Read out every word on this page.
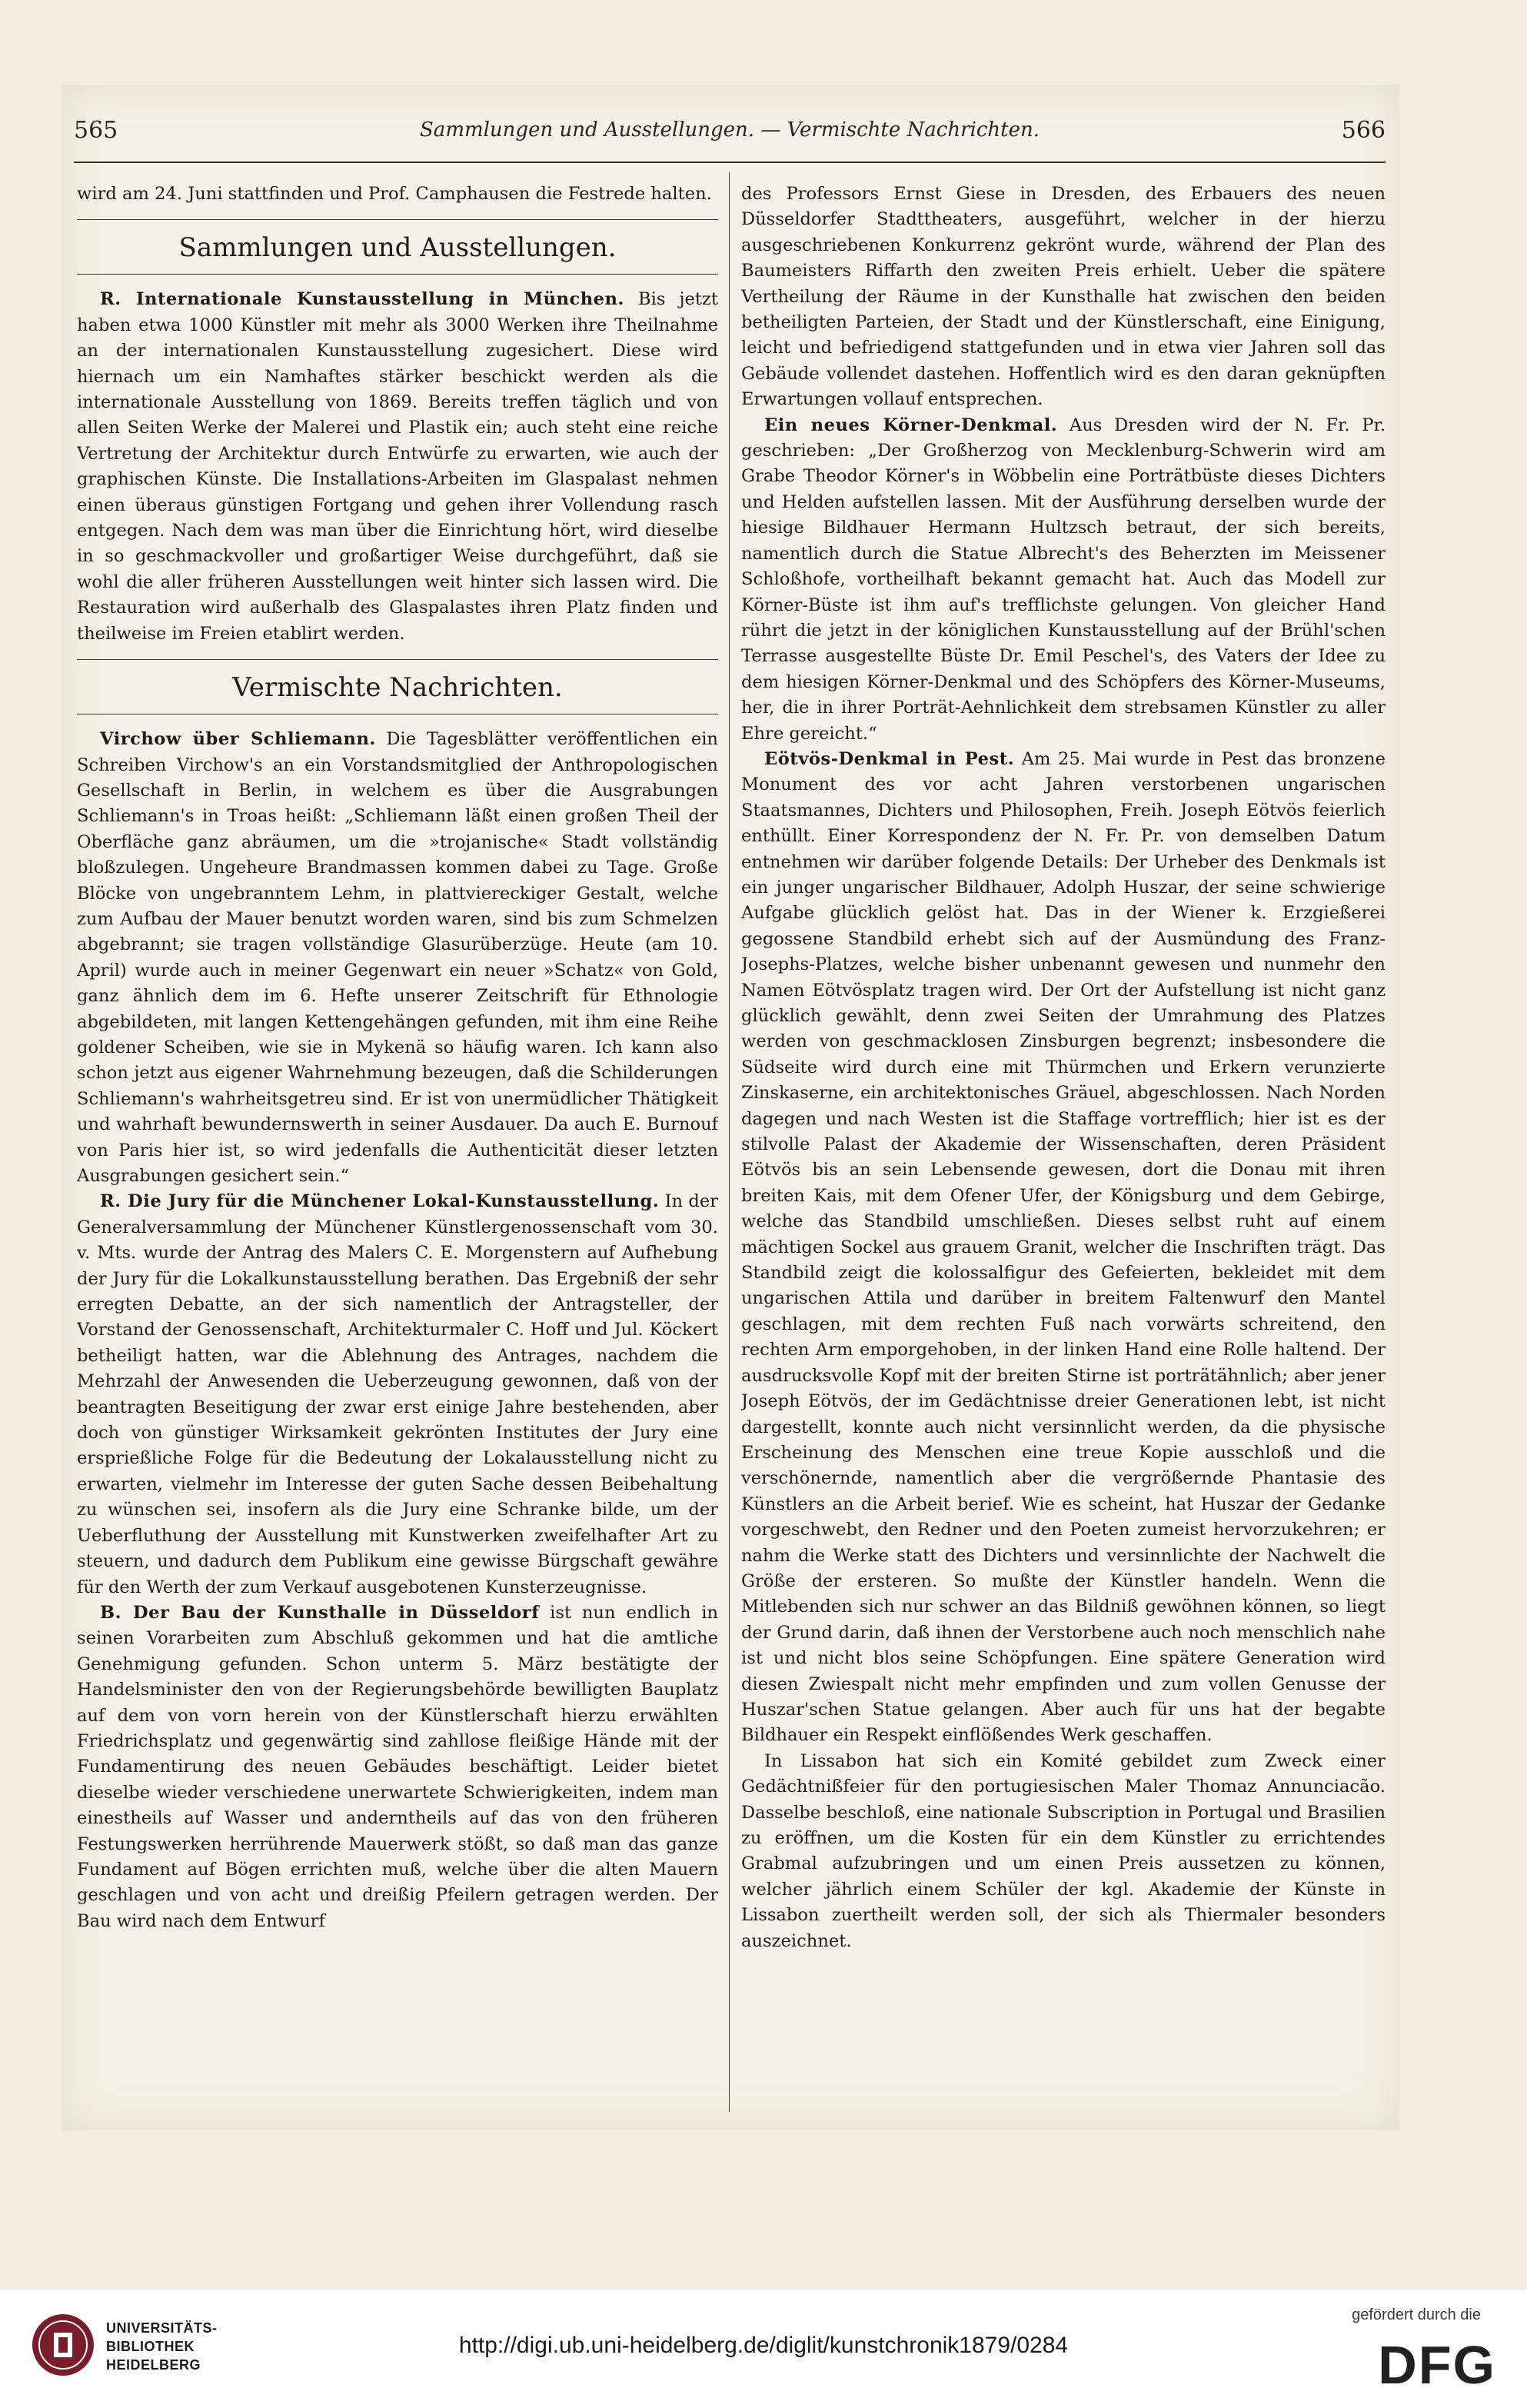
565	Sammlungen und Ausstellungen. — Vermischte Nachrichten.	566

wird am 24. Juni stattfinden und Prof. Camphausen die Festrede halten.

Sammlungen und Ausstellungen.

R. Internationale Kunstausstellung in München. Bis jetzt haben etwa 1000 Künstler mit mehr als 3000 Werken ihre Theilnahme an der internationalen Kunstausstellung zugesichert. Diese wird hiernach um ein Namhaftes stärker beschickt werden als die internationale Ausstellung von 1869. Bereits treffen täglich und von allen Seiten Werke der Malerei und Plastik ein; auch steht eine reiche Vertretung der Architektur durch Entwürfe zu erwarten, wie auch der graphischen Künste. Die Installations-Arbeiten im Glaspalast nehmen einen überaus günstigen Fortgang und gehen ihrer Vollendung rasch entgegen. Nach dem was man über die Einrichtung hört, wird dieselbe in so geschmackvoller und großartiger Weise durchgeführt, daß sie wohl die aller früheren Ausstellungen weit hinter sich lassen wird. Die Restauration wird außerhalb des Glaspalastes ihren Platz finden und theilweise im Freien etablirt werden.

Vermischte Nachrichten.

Virchow über Schliemann. Die Tagesblätter veröffentlichen ein Schreiben Virchow's an ein Vorstandsmitglied der Anthropologischen Gesellschaft in Berlin, in welchem es über die Ausgrabungen Schliemann's in Troas heißt: „Schliemann läßt einen großen Theil der Oberfläche ganz abräumen, um die »trojanische« Stadt vollständig bloßzulegen. Ungeheure Brandmassen kommen dabei zu Tage. Große Blöcke von ungebranntem Lehm, in plattviereckiger Gestalt, welche zum Aufbau der Mauer benutzt worden waren, sind bis zum Schmelzen abgebrannt; sie tragen vollständige Glasurüberzüge. Heute (am 10. April) wurde auch in meiner Gegenwart ein neuer »Schatz« von Gold, ganz ähnlich dem im 6. Hefte unserer Zeitschrift für Ethnologie abgebildeten, mit langen Kettengehängen gefunden, mit ihm eine Reihe goldener Scheiben, wie sie in Mykenä so häufig waren. Ich kann also schon jetzt aus eigener Wahrnehmung bezeugen, daß die Schilderungen Schliemann's wahrheitsgetreu sind. Er ist von unermüdlicher Thätigkeit und wahrhaft bewundernswerth in seiner Ausdauer. Da auch E. Burnouf von Paris hier ist, so wird jedenfalls die Authenticität dieser letzten Ausgrabungen gesichert sein.“

R. Die Jury für die Münchener Lokal-Kunstausstellung. In der Generalversammlung der Münchener Künstlergenossenschaft vom 30. v. Mts. wurde der Antrag des Malers C. E. Morgenstern auf Aufhebung der Jury für die Lokalkunstausstellung berathen. Das Ergebniß der sehr erregten Debatte, an der sich namentlich der Antragsteller, der Vorstand der Genossenschaft, Architekturmaler C. Hoff und Jul. Köckert betheiligt hatten, war die Ablehnung des Antrages, nachdem die Mehrzahl der Anwesenden die Ueberzeugung gewonnen, daß von der beantragten Beseitigung der zwar erst einige Jahre bestehenden, aber doch von günstiger Wirksamkeit gekrönten Institutes der Jury eine ersprießliche Folge für die Bedeutung der Lokalausstellung nicht zu erwarten, vielmehr im Interesse der guten Sache dessen Beibehaltung zu wünschen sei, insofern als die Jury eine Schranke bilde, um der Ueberfluthung der Ausstellung mit Kunstwerken zweifelhafter Art zu steuern, und dadurch dem Publikum eine gewisse Bürgschaft gewähre für den Werth der zum Verkauf ausgebotenen Kunsterzeugnisse.

B. Der Bau der Kunsthalle in Düsseldorf ist nun endlich in seinen Vorarbeiten zum Abschluß gekommen und hat die amtliche Genehmigung gefunden. Schon unterm 5. März bestätigte der Handelsminister den von der Regierungsbehörde bewilligten Bauplatz auf dem von vorn herein von der Künstlerschaft hierzu erwählten Friedrichsplatz und gegenwärtig sind zahllose fleißige Hände mit der Fundamentirung des neuen Gebäudes beschäftigt. Leider bietet dieselbe wieder verschiedene unerwartete Schwierigkeiten, indem man einestheils auf Wasser und anderntheils auf das von den früheren Festungswerken herrührende Mauerwerk stößt, so daß man das ganze Fundament auf Bögen errichten muß, welche über die alten Mauern geschlagen und von acht und dreißig Pfeilern getragen werden. Der Bau wird nach dem Entwurf

des Professors Ernst Giese in Dresden, des Erbauers des neuen Düsseldorfer Stadttheaters, ausgeführt, welcher in der hierzu ausgeschriebenen Konkurrenz gekrönt wurde, während der Plan des Baumeisters Riffarth den zweiten Preis erhielt. Ueber die spätere Vertheilung der Räume in der Kunsthalle hat zwischen den beiden betheiligten Parteien, der Stadt und der Künstlerschaft, eine Einigung, leicht und befriedigend stattgefunden und in etwa vier Jahren soll das Gebäude vollendet dastehen. Hoffentlich wird es den daran geknüpften Erwartungen vollauf entsprechen.

Ein neues Körner-Denkmal. Aus Dresden wird der N. Fr. Pr. geschrieben: „Der Großherzog von Mecklenburg-Schwerin wird am Grabe Theodor Körner's in Wöbbelin eine Porträtbüste dieses Dichters und Helden aufstellen lassen. Mit der Ausführung derselben wurde der hiesige Bildhauer Hermann Hultzsch betraut, der sich bereits, namentlich durch die Statue Albrecht's des Beherzten im Meissener Schloßhofe, vortheilhaft bekannt gemacht hat. Auch das Modell zur Körner-Büste ist ihm auf's trefflichste gelungen. Von gleicher Hand rührt die jetzt in der königlichen Kunstausstellung auf der Brühl'schen Terrasse ausgestellte Büste Dr. Emil Peschel's, des Vaters der Idee zu dem hiesigen Körner-Denkmal und des Schöpfers des Körner-Museums, her, die in ihrer Porträt-Aehnlichkeit dem strebsamen Künstler zu aller Ehre gereicht.“

Eötvös-Denkmal in Pest. Am 25. Mai wurde in Pest das bronzene Monument des vor acht Jahren verstorbenen ungarischen Staatsmannes, Dichters und Philosophen, Freih. Joseph Eötvös feierlich enthüllt. Einer Korrespondenz der N. Fr. Pr. von demselben Datum entnehmen wir darüber folgende Details: Der Urheber des Denkmals ist ein junger ungarischer Bildhauer, Adolph Huszar, der seine schwierige Aufgabe glücklich gelöst hat. Das in der Wiener k. Erzgießerei gegossene Standbild erhebt sich auf der Ausmündung des Franz-Josephs-Platzes, welche bisher unbenannt gewesen und nunmehr den Namen Eötvösplatz tragen wird. Der Ort der Aufstellung ist nicht ganz glücklich gewählt, denn zwei Seiten der Umrahmung des Platzes werden von geschmacklosen Zinsburgen begrenzt; insbesondere die Südseite wird durch eine mit Thürmchen und Erkern verunzierte Zinskaserne, ein architektonisches Gräuel, abgeschlossen. Nach Norden dagegen und nach Westen ist die Staffage vortrefflich; hier ist es der stilvolle Palast der Akademie der Wissenschaften, deren Präsident Eötvös bis an sein Lebensende gewesen, dort die Donau mit ihren breiten Kais, mit dem Ofener Ufer, der Königsburg und dem Gebirge, welche das Standbild umschließen. Dieses selbst ruht auf einem mächtigen Sockel aus grauem Granit, welcher die Inschriften trägt. Das Standbild zeigt die kolossalfigur des Gefeierten, bekleidet mit dem ungarischen Attila und darüber in breitem Faltenwurf den Mantel geschlagen, mit dem rechten Fuß nach vorwärts schreitend, den rechten Arm emporgehoben, in der linken Hand eine Rolle haltend. Der ausdrucksvolle Kopf mit der breiten Stirne ist porträtähnlich; aber jener Joseph Eötvös, der im Gedächtnisse dreier Generationen lebt, ist nicht dargestellt, konnte auch nicht versinnlicht werden, da die physische Erscheinung des Menschen eine treue Kopie ausschloß und die verschönernde, namentlich aber die vergrößernde Phantasie des Künstlers an die Arbeit berief. Wie es scheint, hat Huszar der Gedanke vorgeschwebt, den Redner und den Poeten zumeist hervorzukehren; er nahm die Werke statt des Dichters und versinnlichte der Nachwelt die Größe der ersteren. So mußte der Künstler handeln. Wenn die Mitlebenden sich nur schwer an das Bildniß gewöhnen können, so liegt der Grund darin, daß ihnen der Verstorbene auch noch menschlich nahe ist und nicht blos seine Schöpfungen. Eine spätere Generation wird diesen Zwiespalt nicht mehr empfinden und zum vollen Genusse der Huszar'schen Statue gelangen. Aber auch für uns hat der begabte Bildhauer ein Respekt einflößendes Werk geschaffen.

In Lissabon hat sich ein Komité gebildet zum Zweck einer Gedächtnißfeier für den portugiesischen Maler Thomaz Annunciacão. Dasselbe beschloß, eine nationale Subscription in Portugal und Brasilien zu eröffnen, um die Kosten für ein dem Künstler zu errichtendes Grabmal aufzubringen und um einen Preis aussetzen zu können, welcher jährlich einem Schüler der kgl. Akademie der Künste in Lissabon zuertheilt werden soll, der sich als Thiermaler besonders auszeichnet.

UNIVERSITÄTS-
BIBLIOTHEK
HEIDELBERG
http://digi.ub.uni-heidelberg.de/diglit/kunstchronik1879/0284
gefördert durch die
DFG
